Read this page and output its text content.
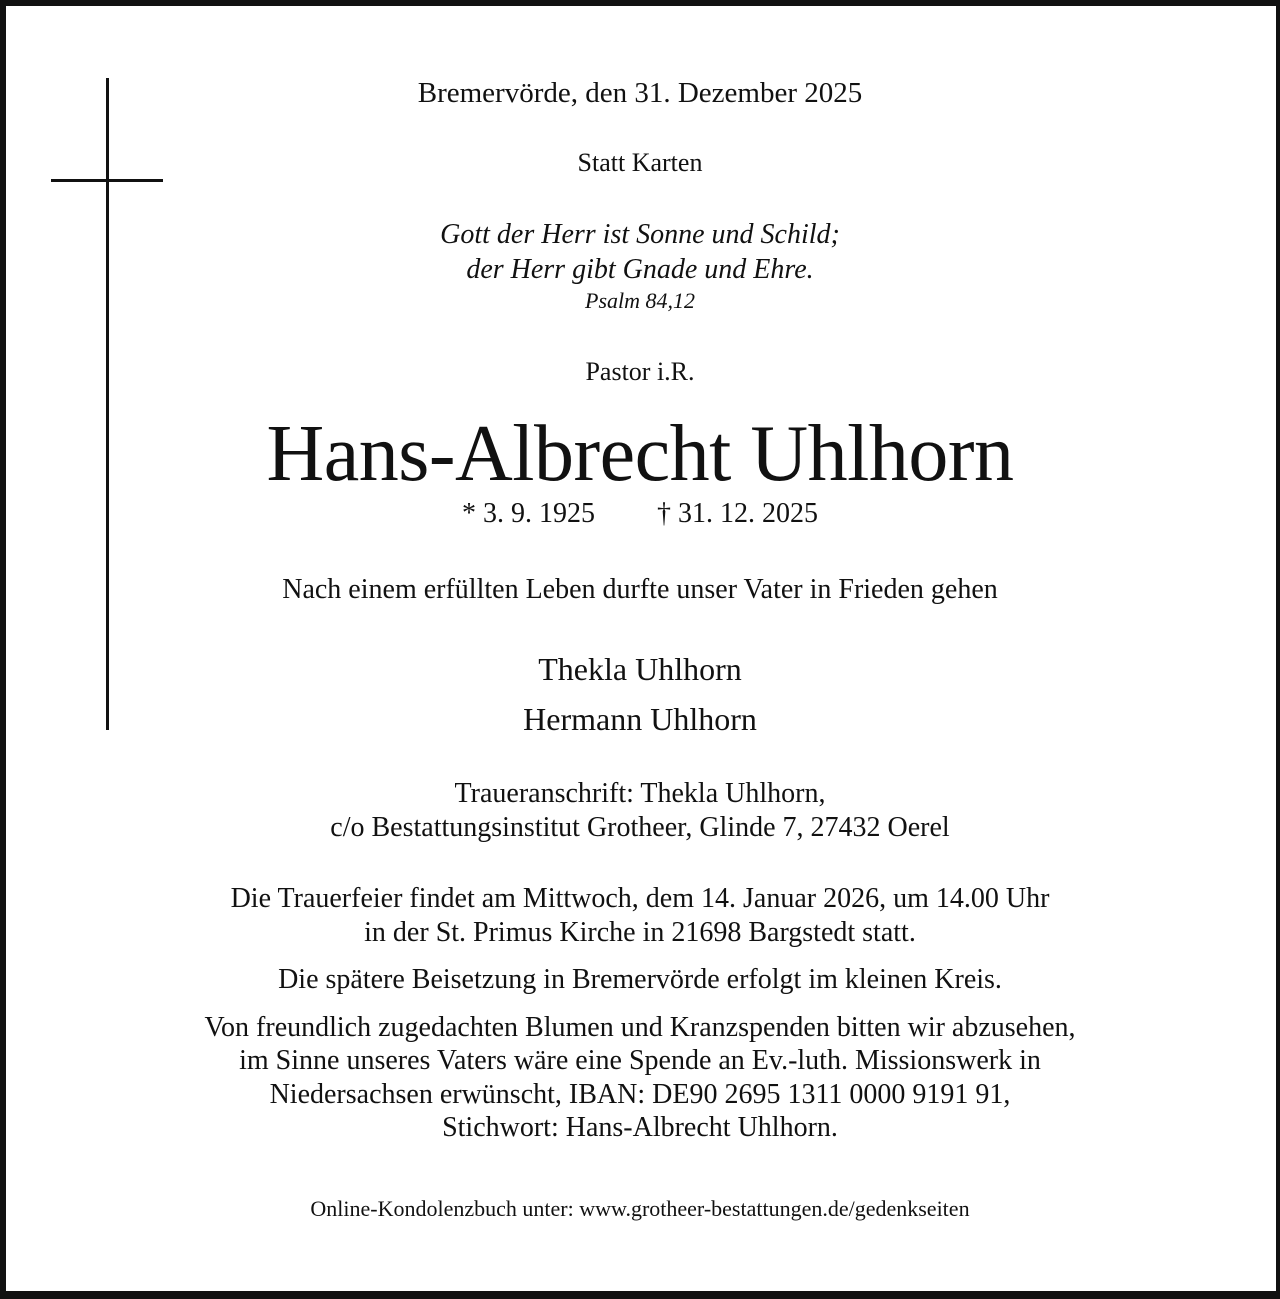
Bremervörde, den 31. Dezember 2025
Statt Karten
Gott der Herr ist Sonne und Schild;
der Herr gibt Gnade und Ehre.
Psalm 84,12
Pastor i.R.
Hans-Albrecht Uhlhorn
* 3. 9. 1925 † 31. 12. 2025
Nach einem erfüllten Leben durfte unser Vater in Frieden gehen
Thekla Uhlhorn
Hermann Uhlhorn
Traueranschrift: Thekla Uhlhorn,
c/o Bestattungsinstitut Grotheer, Glinde 7, 27432 Oerel
Die Trauerfeier findet am Mittwoch, dem 14. Januar 2026, um 14.00 Uhr
in der St. Primus Kirche in 21698 Bargstedt statt.
Die spätere Beisetzung in Bremervörde erfolgt im kleinen Kreis.
Von freundlich zugedachten Blumen und Kranzspenden bitten wir abzusehen,
im Sinne unseres Vaters wäre eine Spende an Ev.-luth. Missionswerk in
Niedersachsen erwünscht, IBAN: DE90 2695 1311 0000 9191 91,
Stichwort: Hans-Albrecht Uhlhorn.
Online-Kondolenzbuch unter: www.grotheer-bestattungen.de/gedenkseiten
